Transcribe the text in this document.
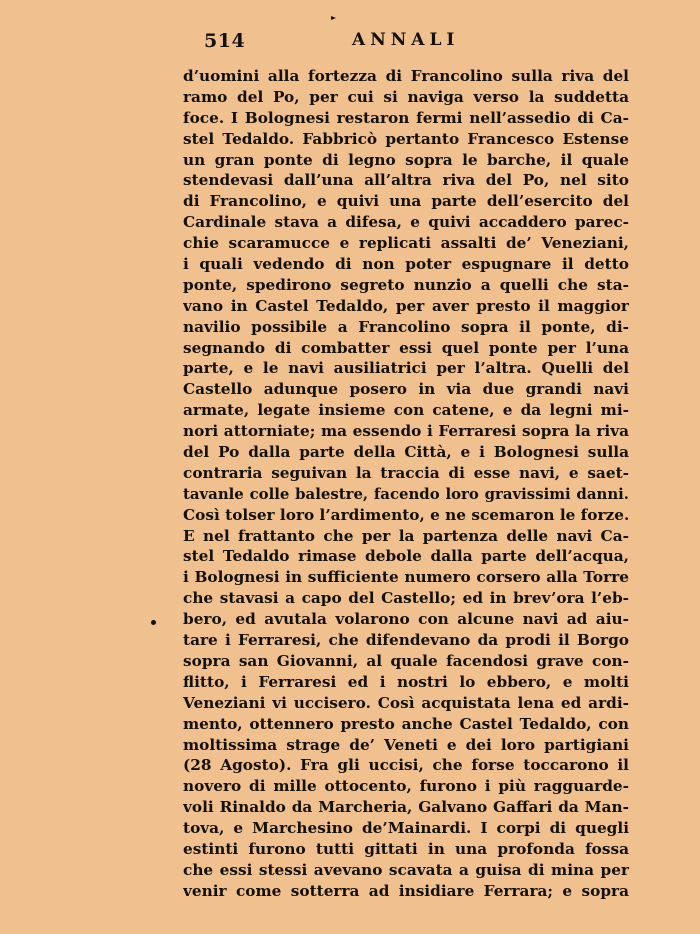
514	ANNALI
d’uomini alla fortezza di Francolino sulla riva del
ramo del Po, per cui si naviga verso la suddetta
foce. I Bolognesi restaron fermi nell’assedio di Ca-
stel Tedaldo. Fabbricò pertanto Francesco Estense
un gran ponte di legno sopra le barche, il quale
stendevasi dall’una all’altra riva del Po, nel sito
di Francolino, e quivi una parte dell’esercito del
Cardinale stava a difesa, e quivi accaddero parec-
chie scaramucce e replicati assalti de’ Veneziani,
i quali vedendo di non poter espugnare il detto
ponte, spedirono segreto nunzio a quelli che sta-
vano in Castel Tedaldo, per aver presto il maggior
navilio possibile a Francolino sopra il ponte, di-
segnando di combatter essi quel ponte per l’una
parte, e le navi ausiliatrici per l’altra. Quelli del
Castello adunque posero in via due grandi navi
armate, legate insieme con catene, e da legni mi-
nori attorniate; ma essendo i Ferraresi sopra la riva
del Po dalla parte della Città, e i Bolognesi sulla
contraria seguivan la traccia di esse navi, e saet-
tavanle colle balestre, facendo loro gravissimi danni.
Così tolser loro l’ardimento, e ne scemaron le forze.
E nel frattanto che per la partenza delle navi Ca-
stel Tedaldo rimase debole dalla parte dell’acqua,
i Bolognesi in sufficiente numero corsero alla Torre
che stavasi a capo del Castello; ed in brev’ora l’eb-
bero, ed avutala volarono con alcune navi ad aiu-
tare i Ferraresi, che difendevano da prodi il Borgo
sopra san Giovanni, al quale facendosi grave con-
flitto, i Ferraresi ed i nostri lo ebbero, e molti
Veneziani vi uccisero. Così acquistata lena ed ardi-
mento, ottennero presto anche Castel Tedaldo, con
moltissima strage de’ Veneti e dei loro partigiani
(28 Agosto). Fra gli uccisi, che forse toccarono il
novero di mille ottocento, furono i più ragguarde-
voli Rinaldo da Marcheria, Galvano Gaffari da Man-
tova, e Marchesino de’Mainardi. I corpi di quegli
estinti furono tutti gittati in una profonda fossa
che essi stessi avevano scavata a guisa di mina per
venir come sotterra ad insidiare Ferrara; e sopra
